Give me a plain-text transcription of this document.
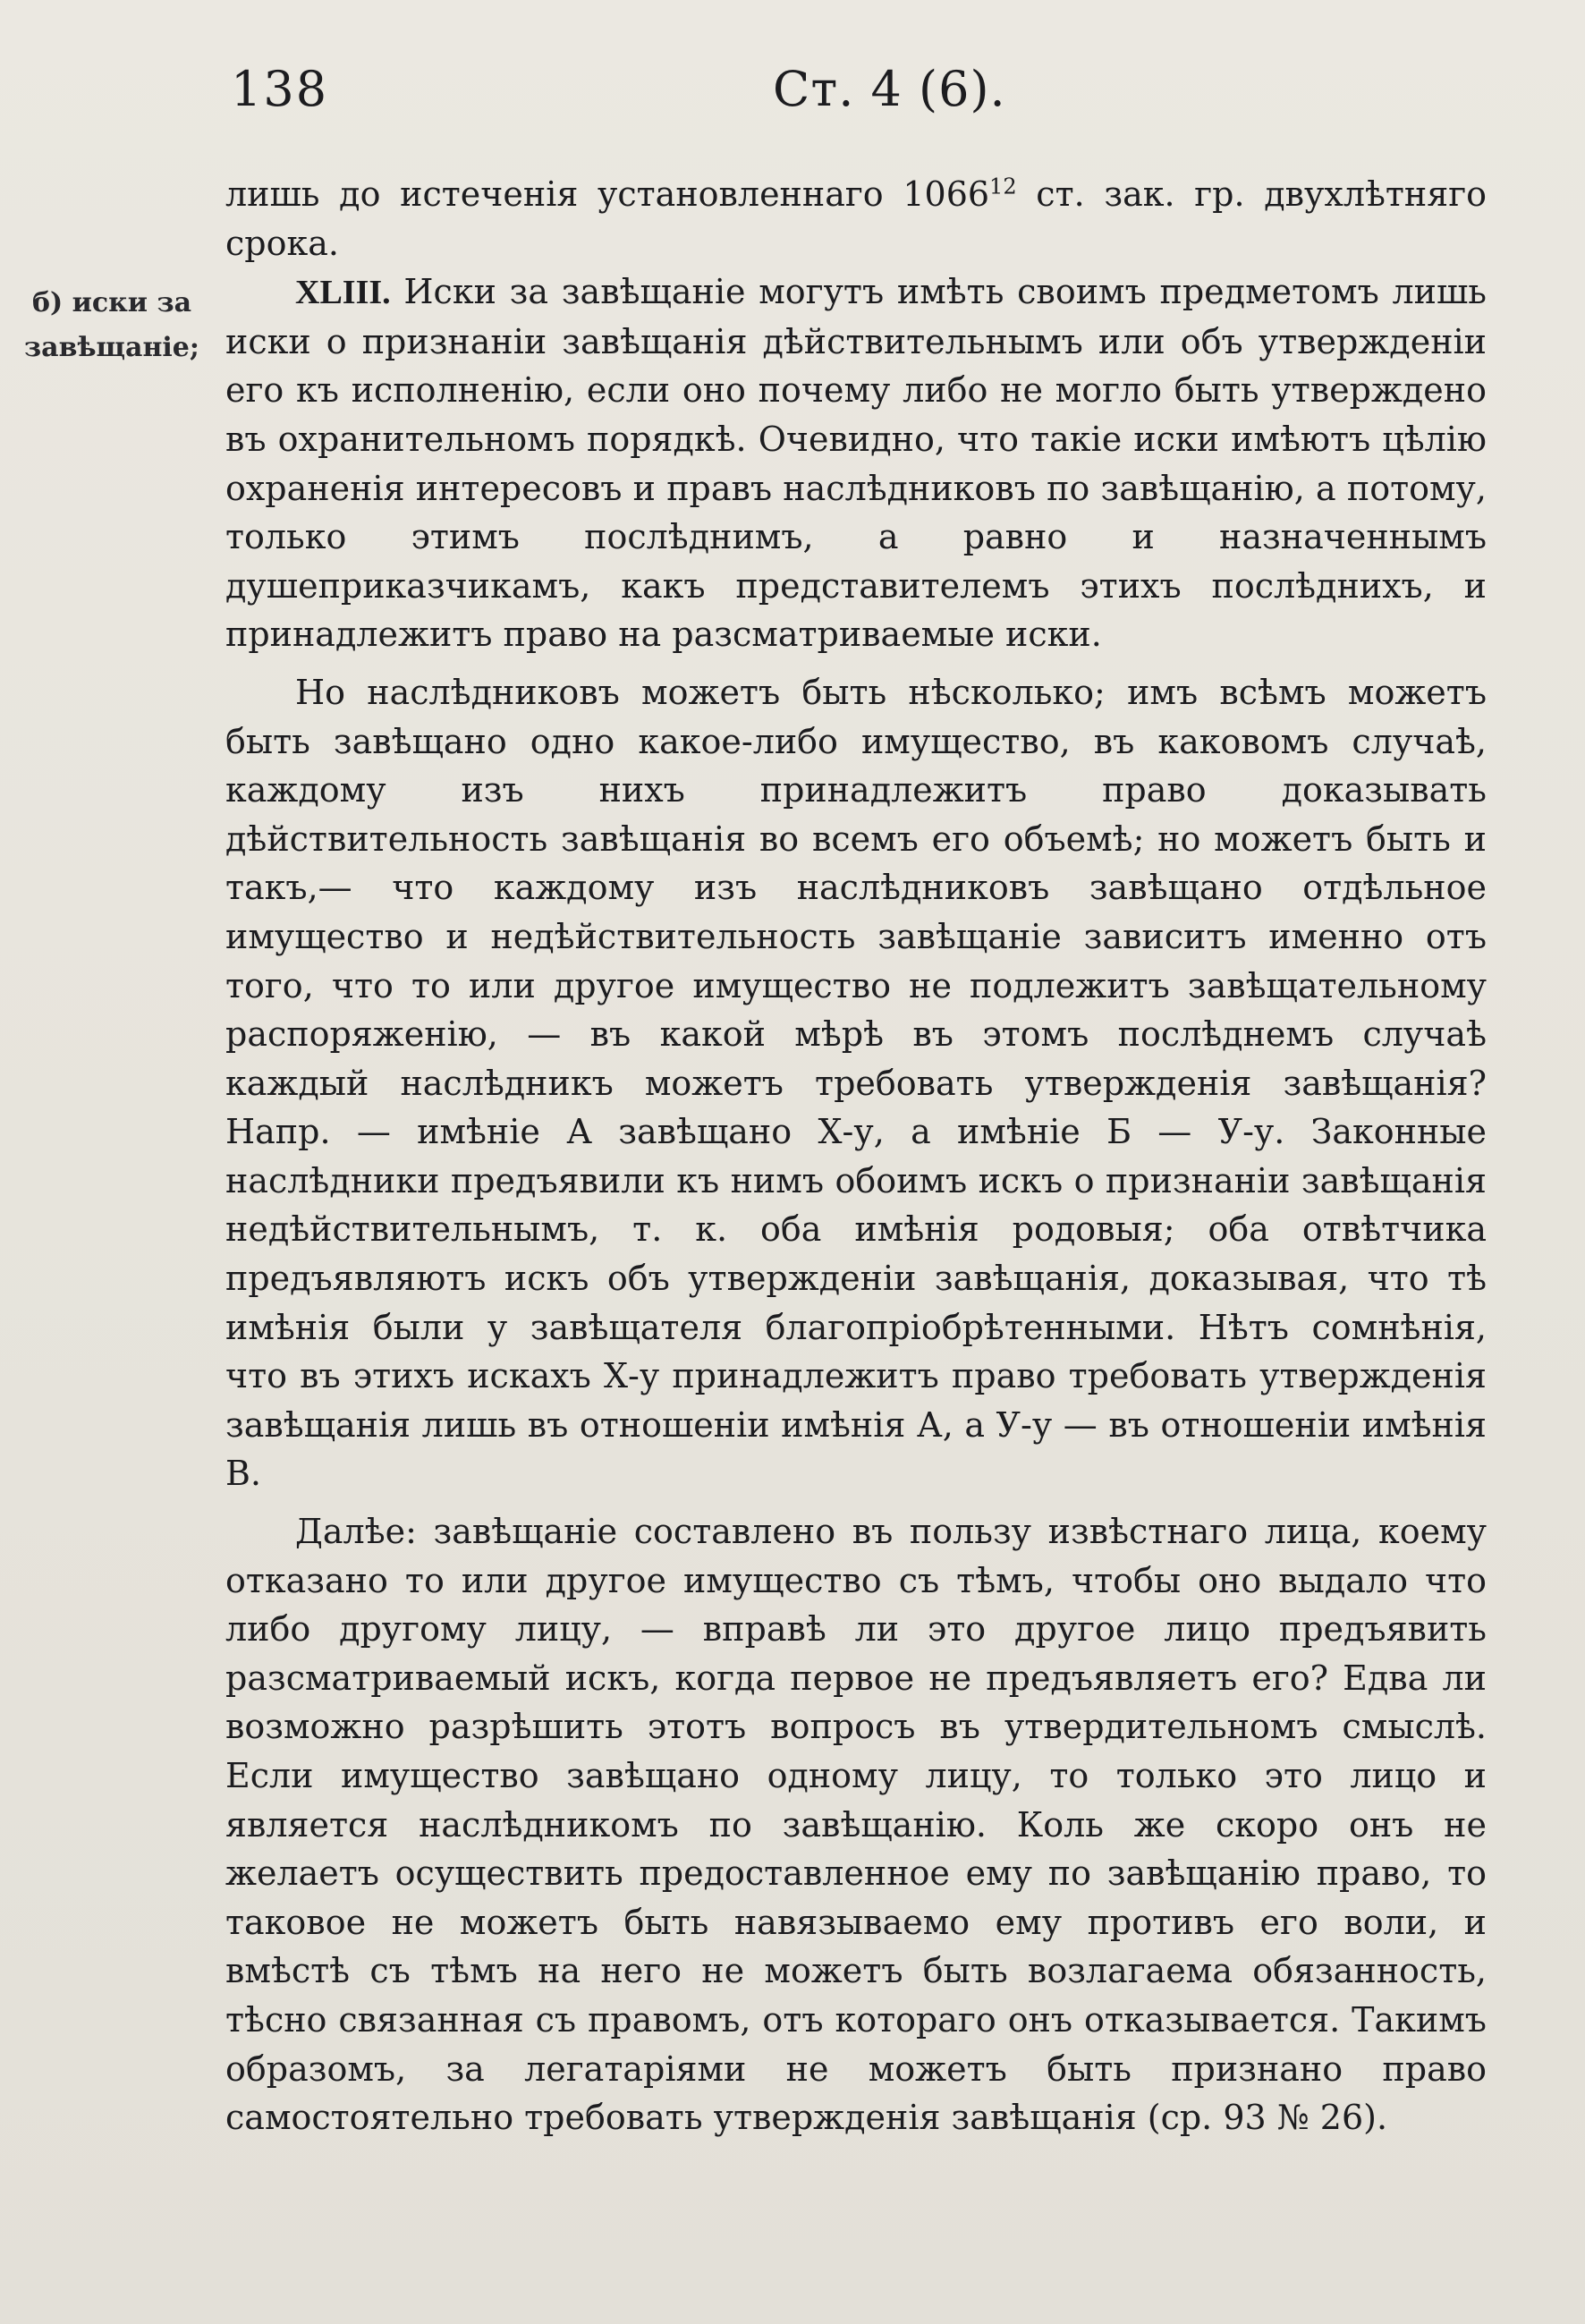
138	Ст. 4 (6).
б) иски за завѣщаніе;

лишь до истеченія установленнаго 1066$^{12}$ ст. зак. гр. двухлѣтняго срока.

XLIII. Иски за завѣщаніе могутъ имѣть своимъ предметомъ лишь иски о признаніи завѣщанія дѣйствительнымъ или объ утвержденіи его къ исполненію, если оно почему либо не могло быть утверждено въ охранительномъ порядкѣ. Очевидно, что такіе иски имѣютъ цѣлію охраненія интересовъ и правъ наслѣдниковъ по завѣщанію, а потому, только этимъ послѣднимъ, а равно и назначеннымъ душеприказчикамъ, какъ представителемъ этихъ послѣднихъ, и принадлежитъ право на разсматриваемые иски.

Но наслѣдниковъ можетъ быть нѣсколько; имъ всѣмъ можетъ быть завѣщано одно какое-либо имущество, въ каковомъ случаѣ, каждому изъ нихъ принадлежитъ право доказывать дѣйствительность завѣщанія во всемъ его объемѣ; но можетъ быть и такъ,— что каждому изъ наслѣдниковъ завѣщано отдѣльное имущество и недѣйствительность завѣщаніе зависитъ именно отъ того, что то или другое имущество не подлежитъ завѣщательному распоряженію, — въ какой мѣрѣ въ этомъ послѣднемъ случаѣ каждый наслѣдникъ можетъ требовать утвержденія завѣщанія? Напр. — имѣніе А завѣщано Х-у, а имѣніе Б — У-у. Законные наслѣдники предъявили къ нимъ обоимъ искъ о признаніи завѣщанія недѣйствительнымъ, т. к. оба имѣнія родовыя; оба отвѣтчика предъявляютъ искъ объ утвержденіи завѣщанія, доказывая, что тѣ имѣнія были у завѣщателя благопріобрѣтенными. Нѣтъ сомнѣнія, что въ этихъ искахъ Х-у принадлежитъ право требовать утвержденія завѣщанія лишь въ отношеніи имѣнія А, а У-у — въ отношеніи имѣнія В.

Далѣе: завѣщаніе составлено въ пользу извѣстнаго лица, коему отказано то или другое имущество съ тѣмъ, чтобы оно выдало что либо другому лицу, — вправѣ ли это другое лицо предъявить разсматриваемый искъ, когда первое не предъявляетъ его? Едва ли возможно разрѣшить этотъ вопросъ въ утвердительномъ смыслѣ. Если имущество завѣщано одному лицу, то только это лицо и является наслѣдникомъ по завѣщанію. Коль же скоро онъ не желаетъ осуществить предоставленное ему по завѣщанію право, то таковое не можетъ быть навязываемо ему противъ его воли, и вмѣстѣ съ тѣмъ на него не можетъ быть возлагаема обязанность, тѣсно связанная съ правомъ, отъ котораго онъ отказывается. Такимъ образомъ, за легатаріями не можетъ быть признано право самостоятельно требовать утвержденія завѣщанія (ср. 93 № 26).
